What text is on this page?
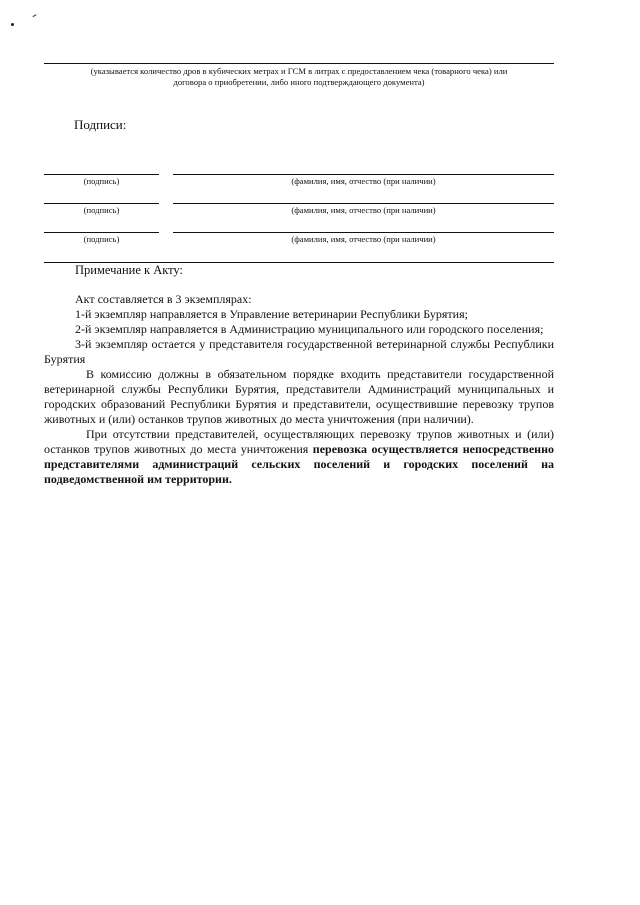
(указывается количество дров в кубических метрах и ГСМ в литрах с предоставлением чека (товарного чека) или
договора о приобретении, либо иного подтверждающего документа)
Подписи:
(подпись)	(фамилия, имя, отчество (при наличии)
(подпись)	(фамилия, имя, отчество (при наличии)
(подпись)	(фамилия, имя, отчество (при наличии)
Примечание к Акту:

Акт составляется в 3 экземплярах:

1-й экземпляр направляется в Управление ветеринарии Республики Бурятия;

2-й экземпляр направляется в Администрацию муниципального или городского поселения;

3-й экземпляр остается у представителя государственной ветеринарной службы Республики Бурятия

В комиссию должны в обязательном порядке входить представители государственной ветеринарной службы Республики Бурятия, представители Администраций муниципальных и городских образований Республики Бурятия и представители, осуществившие перевозку трупов животных и (или) останков трупов животных до места уничтожения (при наличии).

При отсутствии представителей, осуществляющих перевозку трупов животных и (или) останков трупов животных до места уничтожения перевозка осуществляется непосредственно представителями администраций сельских поселений и городских поселений на подведомственной им территории.
